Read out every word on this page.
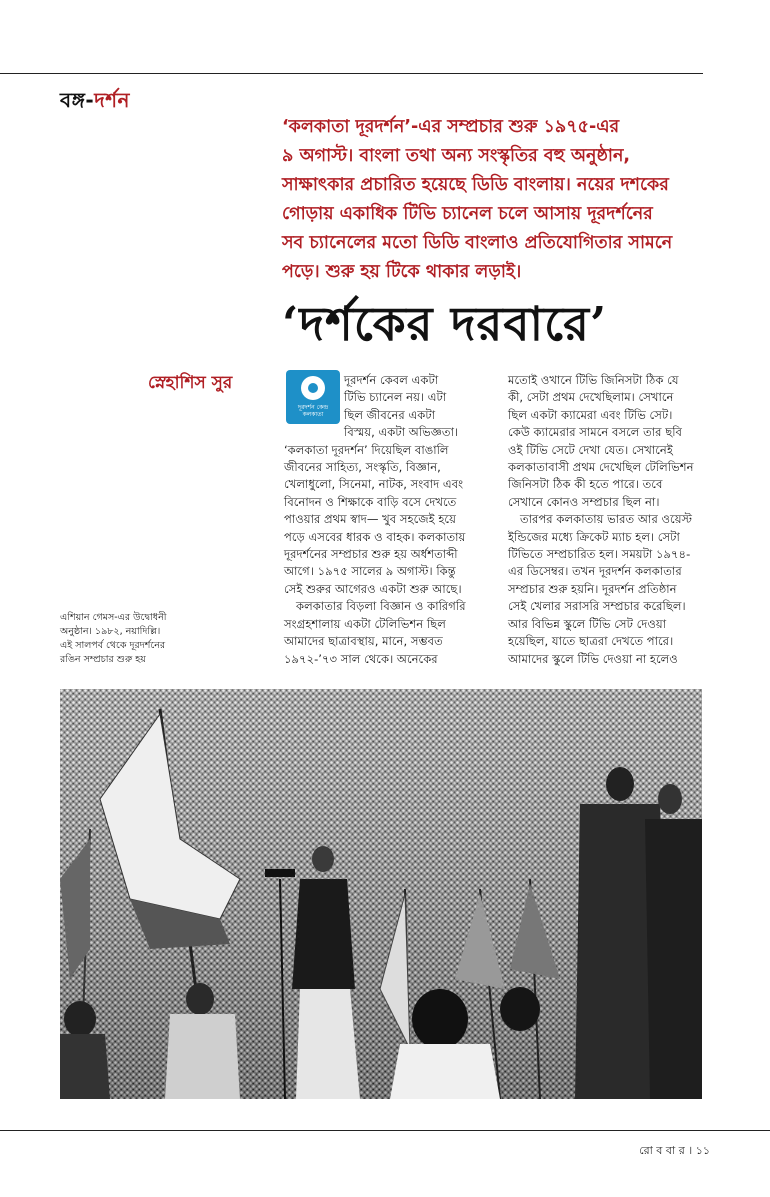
বঙ্গ-দর্শন

‘কলকাতা দূরদর্শন’-এর সম্প্রচার শুরু ১৯৭৫-এর

৯ অগাস্ট। বাংলা তথা অন্য সংস্কৃতির বহু অনুষ্ঠান,

সাক্ষাৎকার প্রচারিত হয়েছে ডিডি বাংলায়। নয়ের দশকের

গোড়ায় একাধিক টিভি চ্যানেল চলে আসায় দূরদর্শনের

সব চ্যানেলের মতো ডিডি বাংলাও প্রতিযোগিতার সামনে

পড়ে। শুরু হয় টিকে থাকার লড়াই।

‘দর্শকের দরবারে’
স্নেহাশিস সুর
দূরদর্শন কেন্দ্র
কলকাতা

দূরদর্শন কেবল একটা

টিভি চ্যানেল নয়। এটা

ছিল জীবনের একটা

বিস্ময়, একটা অভিজ্ঞতা।

‘কলকাতা দূরদর্শন’ দিয়েছিল বাঙালি

জীবনের সাহিত্য, সংস্কৃতি, বিজ্ঞান,

খেলাধুলো, সিনেমা, নাটক, সংবাদ এবং

বিনোদন ও শিক্ষাকে বাড়ি বসে দেখতে

পাওয়ার প্রথম স্বাদ— খুব সহজেই হয়ে

পড়ে এসবের ধারক ও বাহক। কলকাতায়

দূরদর্শনের সম্প্রচার শুরু হয় অর্ধশতাব্দী

আগে। ১৯৭৫ সালের ৯ অগাস্ট। কিন্তু

সেই শুরুর আগেরও একটা শুরু আছে।

কলকাতার বিড়লা বিজ্ঞান ও কারিগরি

সংগ্রহশালায় একটা টেলিভিশন ছিল

আমাদের ছাত্রাবস্থায়, মানে, সম্ভবত

১৯৭২-’৭৩ সাল থেকে। অনেকের

মতোই ওখানে টিভি জিনিসটা ঠিক যে

কী, সেটা প্রথম দেখেছিলাম। সেখানে

ছিল একটা ক্যামেরা এবং টিভি সেট।

কেউ ক্যামেরার সামনে বসলে তার ছবি

ওই টিভি সেটে দেখা যেত। সেখানেই

কলকাতাবাসী প্রথম দেখেছিল টেলিভিশন

জিনিসটা ঠিক কী হতে পারে। তবে

সেখানে কোনও সম্প্রচার ছিল না।

তারপর কলকাতায় ভারত আর ওয়েস্ট

ইন্ডিজের মধ্যে ক্রিকেট ম্যাচ হল। সেটা

টিভিতে সম্প্রচারিত হল। সময়টা ১৯৭৪-

এর ডিসেম্বর। তখন দূরদর্শন কলকাতার

সম্প্রচার শুরু হয়নি। দূরদর্শন প্রতিষ্ঠান

সেই খেলার সরাসরি সম্প্রচার করেছিল।

আর বিভিন্ন স্কুলে টিভি সেট দেওয়া

হয়েছিল, যাতে ছাত্ররা দেখতে পারে।

আমাদের স্কুলে টিভি দেওয়া না হলেও

এশিয়ান গেমস-এর উদ্বোধনী
অনুষ্ঠান। ১৯৮২, নয়াদিল্লি।
এই সালপর্ব থেকে দূরদর্শনের
রঙিন সম্প্রচার শুরু হয়
রো ব বা র । ১১
